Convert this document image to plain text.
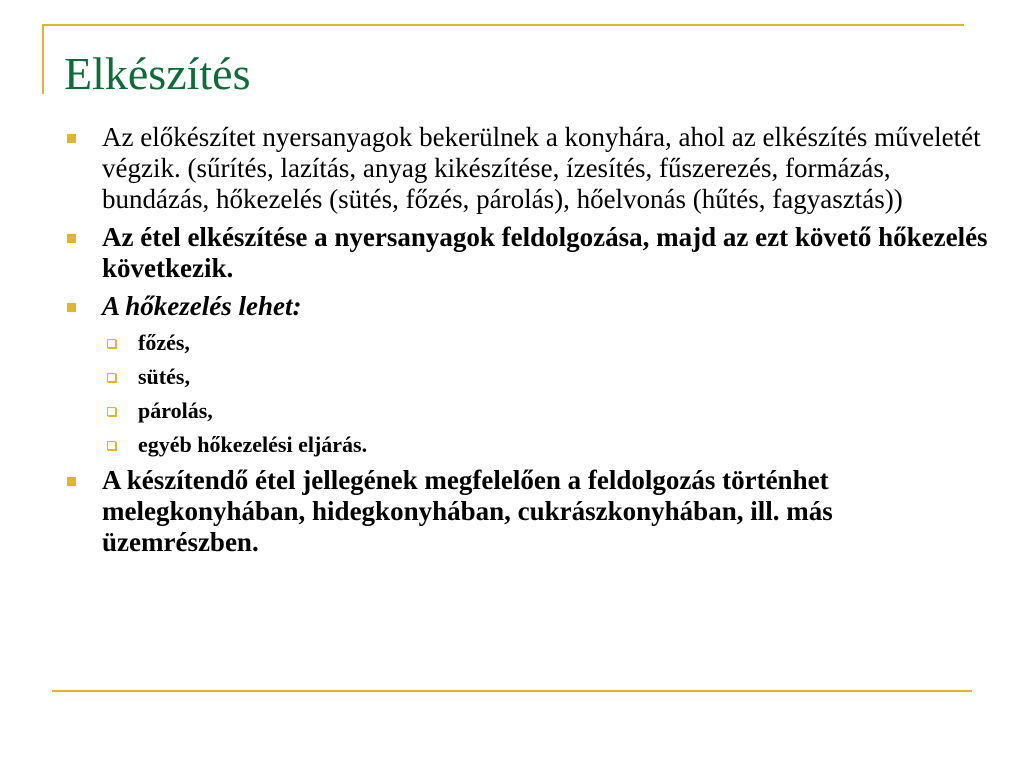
Elkészítés
Az előkészítet nyersanyagok bekerülnek a konyhára, ahol az elkészítés műveletét végzik. (sűrítés, lazítás, anyag kikészítése, ízesítés, fűszerezés, formázás, bundázás, hőkezelés (sütés, főzés, párolás), hőelvonás (hűtés, fagyasztás))
Az étel elkészítése a nyersanyagok feldolgozása, majd az ezt követő hőkezelés következik.
A hőkezelés lehet:
főzés,
sütés,
párolás,
egyéb hőkezelési eljárás.
A készítendő étel jellegének megfelelően a feldolgozás történhet melegkonyhában, hidegkonyhában, cukrászkonyhában, ill. más üzemrészben.
